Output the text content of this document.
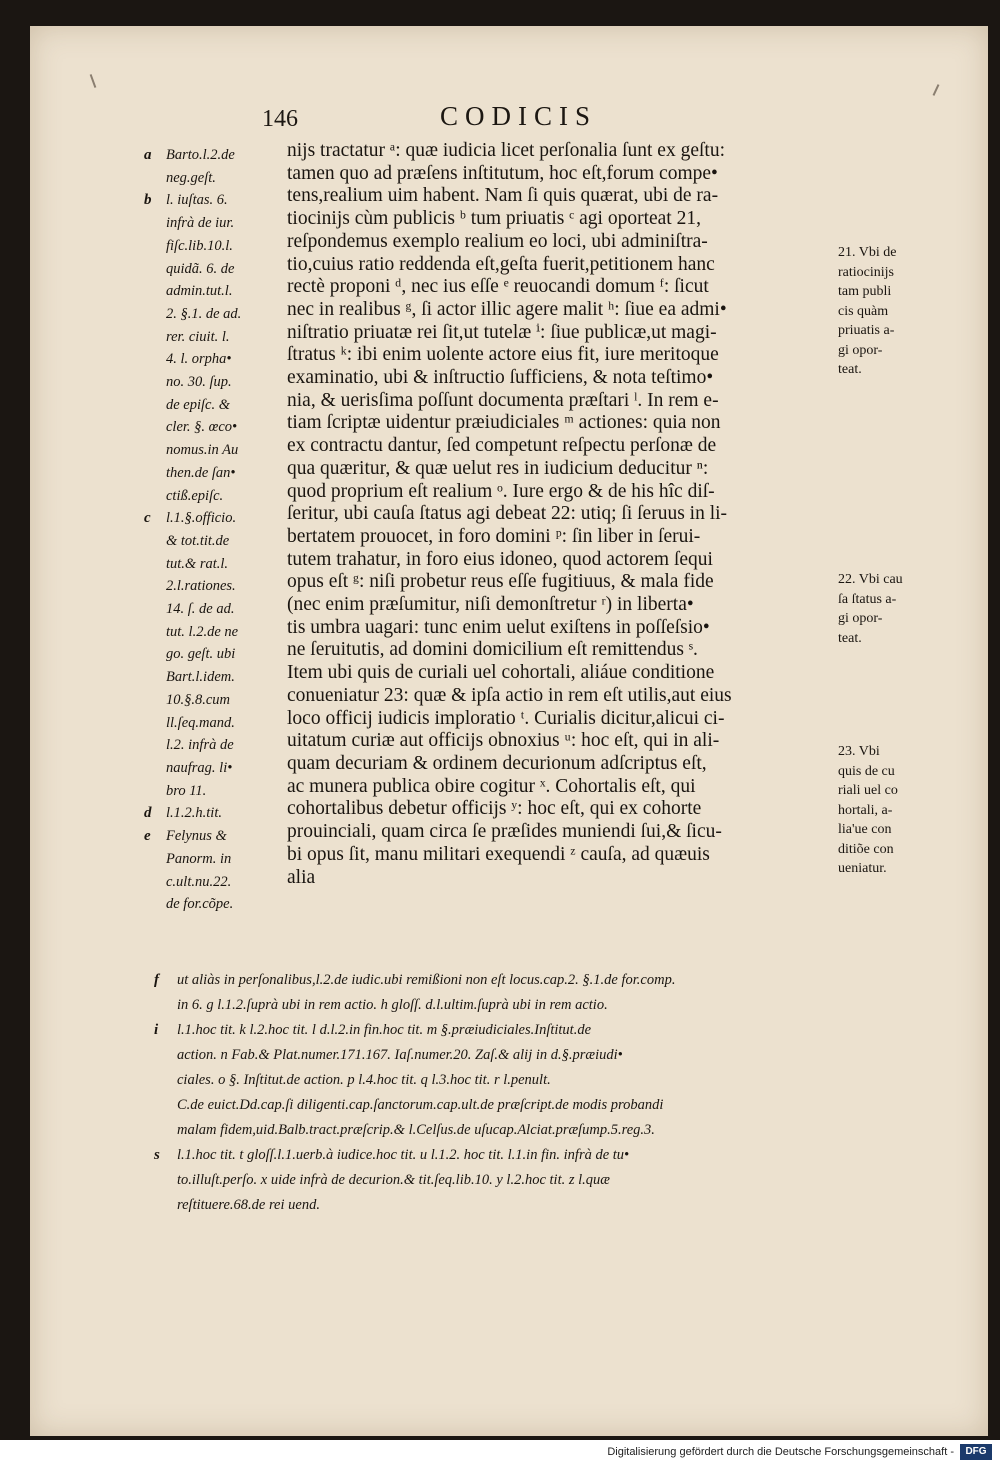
146	CODICIS
nijs tractatur ᵃ: quæ iudicia licet perſonalia ſunt ex geſtu:
tamen quo ad præſens inſtitutum, hoc eſt,forum compe•
tens,realium uim habent. Nam ſi quis quærat, ubi de ra-
tiocinijs cùm publicis ᵇ tum priuatis ᶜ agi oporteat 21,
reſpondemus exemplo realium eo loci, ubi adminiſtra-
tio,cuius ratio reddenda eſt,geſta fuerit,petitionem hanc
rectè proponi ᵈ, nec ius eſſe ᵉ reuocandi domum ᶠ: ſicut
nec in realibus ᵍ, ſi actor illic agere malit ʰ: ſiue ea admi•
niſtratio priuatæ rei ſit,ut tutelæ ⁱ: ſiue publicæ,ut magi-
ſtratus ᵏ: ibi enim uolente actore eius fit, iure meritoque
examinatio, ubi & inſtructio ſufficiens, & nota teſtimo•
nia, & uerisſima poſſunt documenta præſtari ˡ. In rem e-
tiam ſcriptæ uidentur præiudiciales ᵐ actiones: quia non
ex contractu dantur, ſed competunt reſpectu perſonæ de
qua quæritur, & quæ uelut res in iudicium deducitur ⁿ:
quod proprium eſt realium ᵒ. Iure ergo & de his hîc diſ-
ſeritur, ubi cauſa ſtatus agi debeat 22: utiq; ſi ſeruus in li-
bertatem prouocet, in foro domini ᵖ: ſin liber in ſerui-
tutem trahatur, in foro eius idoneo, quod actorem ſequi
opus eſt ᵍ: niſi probetur reus eſſe fugitiuus, & mala fide
(nec enim præſumitur, niſi demonſtretur ʳ) in liberta•
tis umbra uagari: tunc enim uelut exiſtens in poſſeſsio•
ne ſeruitutis, ad domini domicilium eſt remittendus ˢ.
Item ubi quis de curiali uel cohortali, aliáue conditione
conueniatur 23: quæ & ipſa actio in rem eſt utilis,aut eius
loco officij iudicis imploratio ᵗ. Curialis dicitur,alicui ci-
uitatum curiæ aut officijs obnoxius ᵘ: hoc eſt, qui in ali-
quam decuriam & ordinem decurionum adſcriptus eſt,
ac munera publica obire cogitur ˣ. Cohortalis eſt, qui
cohortalibus debetur officijs ʸ: hoc eſt, qui ex cohorte
prouinciali, quam circa ſe præſides muniendi ſui,& ſicu-
bi opus ſit, manu militari exequendi ᶻ cauſa, ad quæuis
alia
a Barto.l.2.de
neg.geſt.
b l. iuſtas. 6.
infrà de iur.
fiſc.lib.10.l.
quidã. 6. de
admin.tut.l.
2. §.1. de ad.
rer. ciuit. l.
4. l. orpha•
no. 30. ſup.
de epiſc. &
cler. §. œco•
nomus.in Au
then.de ſan•
ctiß.epiſc.
c l.1.§.officio.
& tot.tit.de
tut.& rat.l.
2.l.rationes.
14. ſ. de ad.
tut. l.2.de ne
go. geſt. ubi
Bart.l.idem.
10.§.8.cum
ll.ſeq.mand.
l.2. infrà de
naufrag. li•
bro 11.
d l.1.2.h.tit.
e Felynus &
Panorm. in
c.ult.nu.22.
de for.cõpe.
21. Vbi de
ratiocinijs
tam publi
cis quàm
priuatis a-
gi opor-
teat.
22. Vbi cau
ſa ſtatus a-
gi opor-
teat.
23. Vbi
quis de cu
riali uel co
hortali, a-
lia'ue con
ditiõe con
ueniatur.
f ut aliàs in perſonalibus,l.2.de iudic.ubi remißioni non eſt locus.cap.2. §.1.de for.comp.
in 6. g l.1.2.ſuprà ubi in rem actio. h gloſſ. d.l.ultim.ſuprà ubi in rem actio.
i l.1.hoc tit. k l.2.hoc tit. l d.l.2.in fin.hoc tit. m §.præiudiciales.Inſtitut.de
action. n Fab.& Plat.numer.171.167. Iaſ.numer.20. Zaſ.& alij in d.§.præiudi•
ciales. o §. Inſtitut.de action. p l.4.hoc tit. q l.3.hoc tit. r l.penult.
C.de euict.Dd.cap.ſi diligenti.cap.ſanctorum.cap.ult.de præſcript.de modis probandi
malam fidem,uid.Balb.tract.præſcrip.& l.Celſus.de uſucap.Alciat.præſump.5.reg.3.
s l.1.hoc tit. t gloſſ.l.1.uerb.à iudice.hoc tit. u l.1.2. hoc tit. l.1.in fin. infrà de tu•
to.illuſt.perſo. x uide infrà de decurion.& tit.ſeq.lib.10. y l.2.hoc tit. z l.quæ
reſtituere.68.de rei uend.
Digitalisierung gefördert durch die Deutsche Forschungsgemeinschaft -	DFG
